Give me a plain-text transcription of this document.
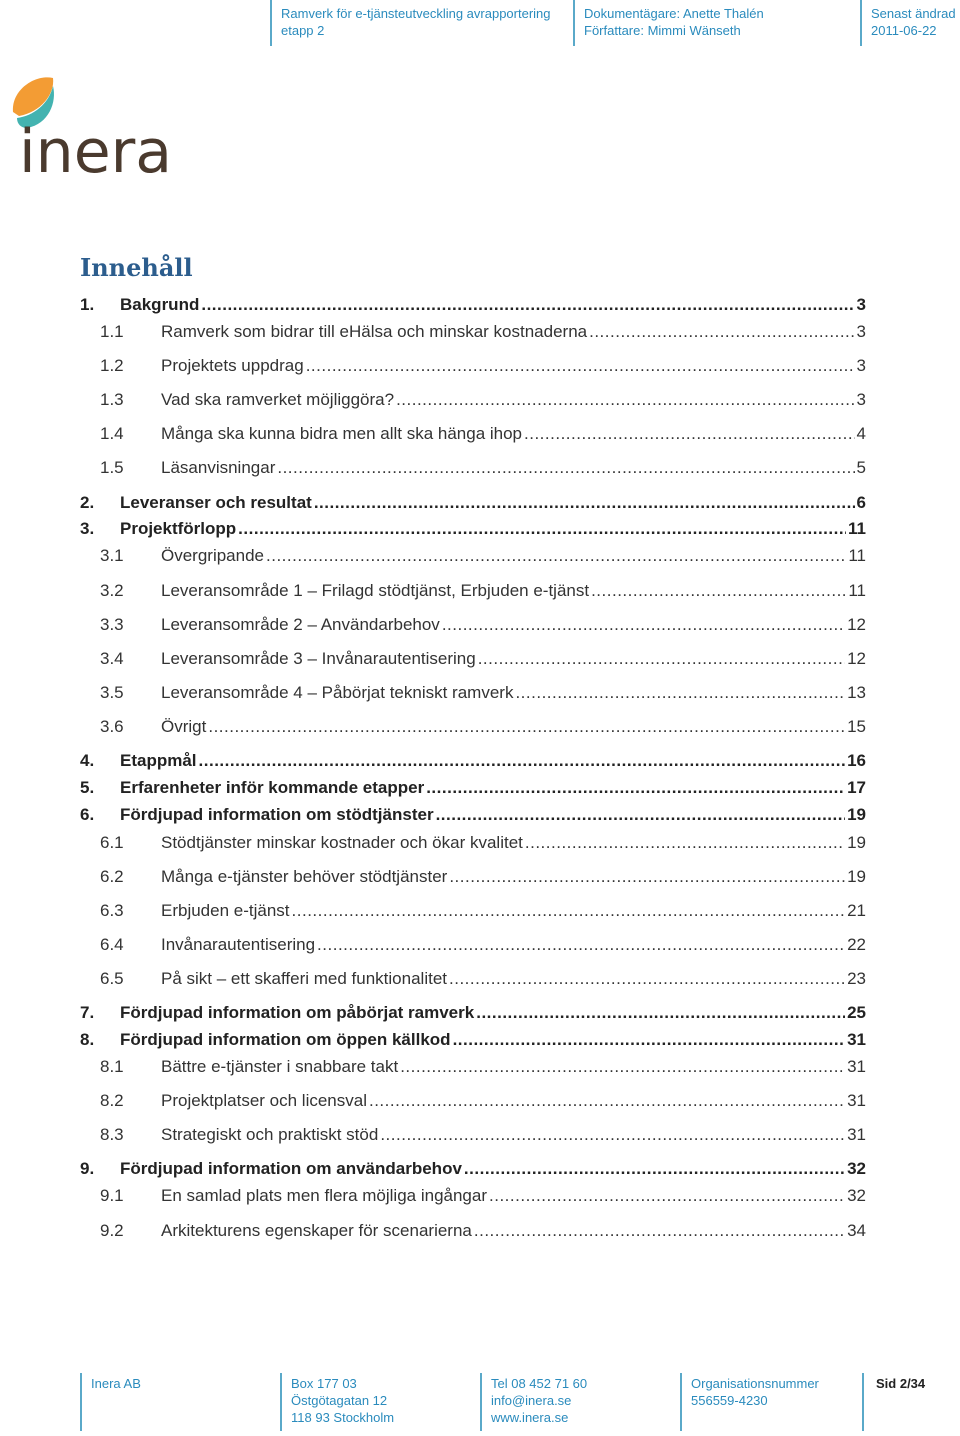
Ramverk för e-tjänsteutveckling avrapportering
etapp 2
Dokumentägare: Anette Thalén
Författare: Mimmi Wänseth
Senast ändrad
2011-06-22
inera
Innehåll
1.	Bakgrund .....	3
1.1	Ramverk som bidrar till eHälsa och minskar kostnaderna .....	3
1.2	Projektets uppdrag .....	3
1.3	Vad ska ramverket möjliggöra? .....	3
1.4	Många ska kunna bidra men allt ska hänga ihop .....	4
1.5	Läsanvisningar .....	5
2.	Leveranser och resultat .....	6
3.	Projektförlopp .....	11
3.1	Övergripande .....	11
3.2	Leveransområde 1 – Frilagd stödtjänst, Erbjuden e-tjänst .....	11
3.3	Leveransområde 2 – Användarbehov .....	12
3.4	Leveransområde 3 – Invånarautentisering .....	12
3.5	Leveransområde 4 – Påbörjat tekniskt ramverk .....	13
3.6	Övrigt .....	15
4.	Etappmål .....	16
5.	Erfarenheter inför kommande etapper .....	17
6.	Fördjupad information om stödtjänster .....	19
6.1	Stödtjänster minskar kostnader och ökar kvalitet .....	19
6.2	Många e-tjänster behöver stödtjänster .....	19
6.3	Erbjuden e-tjänst .....	21
6.4	Invånarautentisering .....	22
6.5	På sikt – ett skafferi med funktionalitet .....	23
7.	Fördjupad information om påbörjat ramverk .....	25
8.	Fördjupad information om öppen källkod .....	31
8.1	Bättre e-tjänster i snabbare takt .....	31
8.2	Projektplatser och licensval .....	31
8.3	Strategiskt och praktiskt stöd .....	31
9.	Fördjupad information om användarbehov .....	32
9.1	En samlad plats men flera möjliga ingångar .....	32
9.2	Arkitekturens egenskaper för scenarierna .....	34
Inera AB	Box 177 03
Östgötagatan 12
118 93 Stockholm
Tel 08 452 71 60
info@inera.se
www.inera.se
Organisationsnummer
556559-4230
Sid 2/34
